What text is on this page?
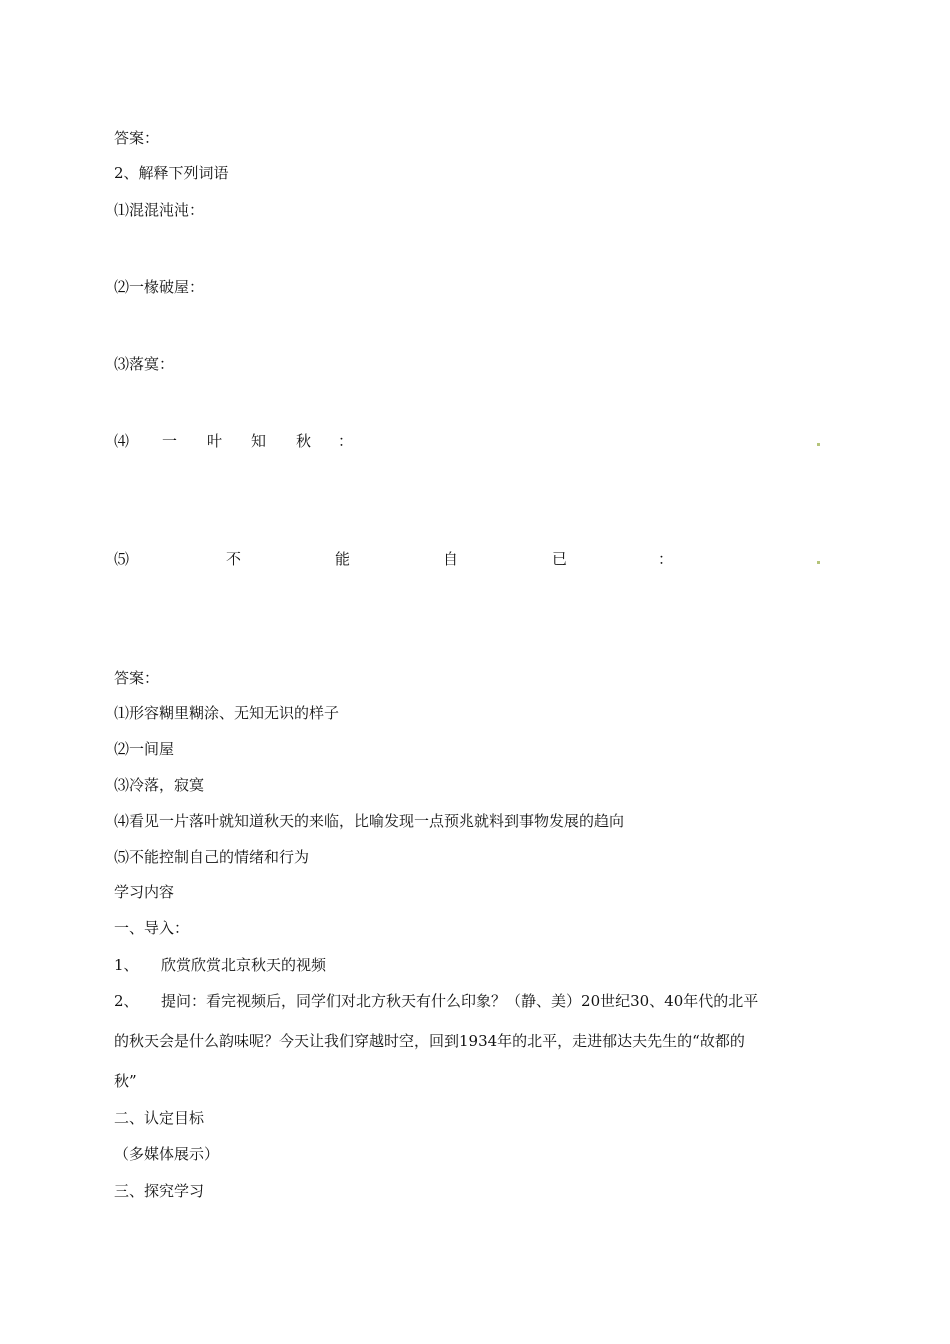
答案：
2、解释下列词语
⑴混混沌沌：
⑵一椽破屋：
⑶落寞：
⑷ 一 叶 知 秋 ：
⑸	不	能	自	已	：
答案：
⑴形容糊里糊涂、无知无识的样子
⑵一间屋
⑶冷落，寂寞
⑷看见一片落叶就知道秋天的来临，比喻发现一点预兆就料到事物发展的趋向
⑸不能控制自己的情绪和行为
学习内容
一、导入：
1、　　欣赏欣赏北京秋天的视频
2、　　提问：看完视频后，同学们对北方秋天有什么印象？（静、美）20世纪30、40年代的北平
的秋天会是什么韵味呢？今天让我们穿越时空，回到1934年的北平，走进郁达夫先生的“故都的
秋”
二、认定目标
（多媒体展示）
三、探究学习
